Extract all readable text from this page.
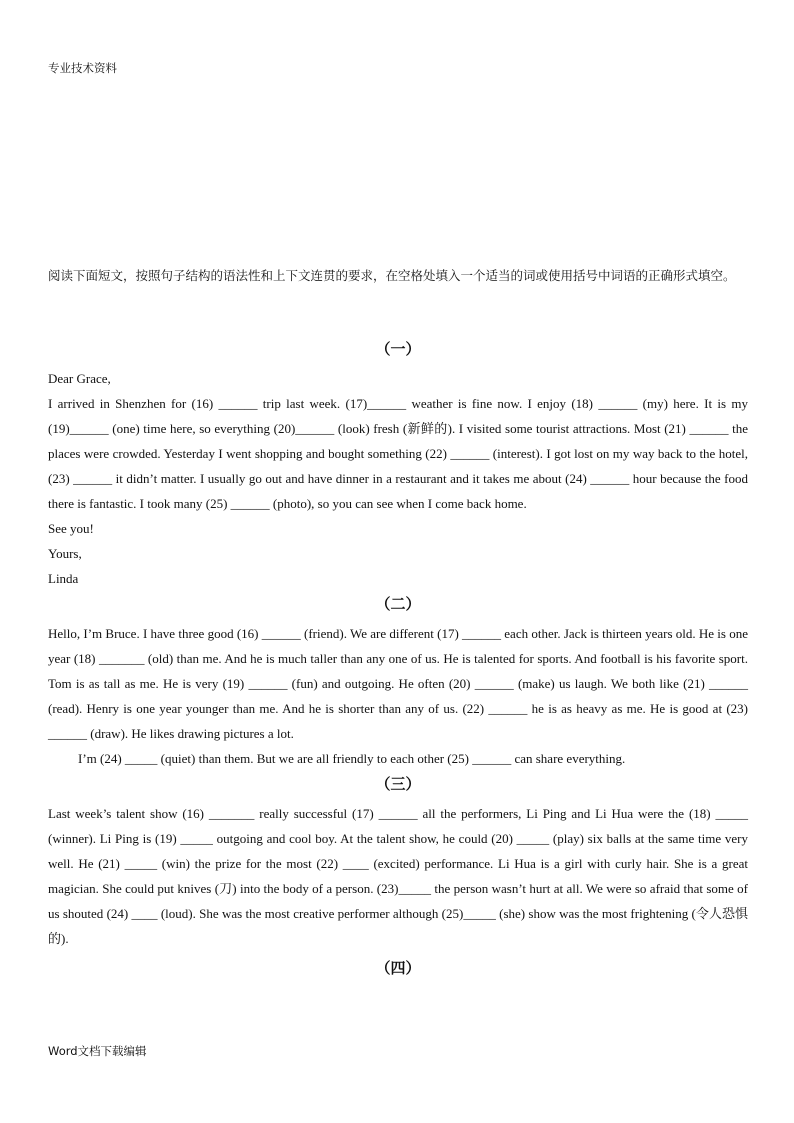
专业技术资料
阅读下面短文，按照句子结构的语法性和上下文连贯的要求，在空格处填入一个适当的词或使用括号中词语的正确形式填空。
（一）

Dear Grace,

I arrived in Shenzhen for (16) ______ trip last week. (17)______ weather is fine now. I enjoy (18) ______ (my) here. It is my (19)______ (one) time here, so everything (20)______ (look) fresh (新鲜的). I visited some tourist attractions. Most (21) ______ the places were crowded. Yesterday I went shopping and bought something (22) ______ (interest). I got lost on my way back to the hotel, (23) ______ it didn’t matter. I usually go out and have dinner in a restaurant and it takes me about (24) ______ hour because the food there is fantastic. I took many (25) ______ (photo), so you can see when I come back home.

See you!

Yours,

Linda

（二）

Hello, I’m Bruce. I have three good (16) ______ (friend). We are different (17) ______ each other. Jack is thirteen years old. He is one year (18) _______ (old) than me. And he is much taller than any one of us. He is talented for sports. And football is his favorite sport. Tom is as tall as me. He is very (19) ______ (fun) and outgoing. He often (20) ______ (make) us laugh. We both like (21) ______ (read). Henry is one year younger than me. And he is shorter than any of us. (22) ______ he is as heavy as me. He is good at (23) ______ (draw). He likes drawing pictures a lot.

I’m (24) _____ (quiet) than them. But we are all friendly to each other (25) ______ can share everything.

（三）

Last week’s talent show (16) _______ really successful (17) ______ all the performers, Li Ping and Li Hua were the (18) _____ (winner). Li Ping is (19) _____ outgoing and cool boy. At the talent show, he could (20) _____ (play) six balls at the same time very well. He (21) _____ (win) the prize for the most (22) ____ (excited) performance. Li Hua is a girl with curly hair. She is a great magician. She could put knives (刀) into the body of a person. (23)_____ the person wasn’t hurt at all. We were so afraid that some of us shouted (24) ____ (loud). She was the most creative performer although (25)_____ (she) show was the most frightening (令人恐惧的).

（四）
Word文档下载编辑
